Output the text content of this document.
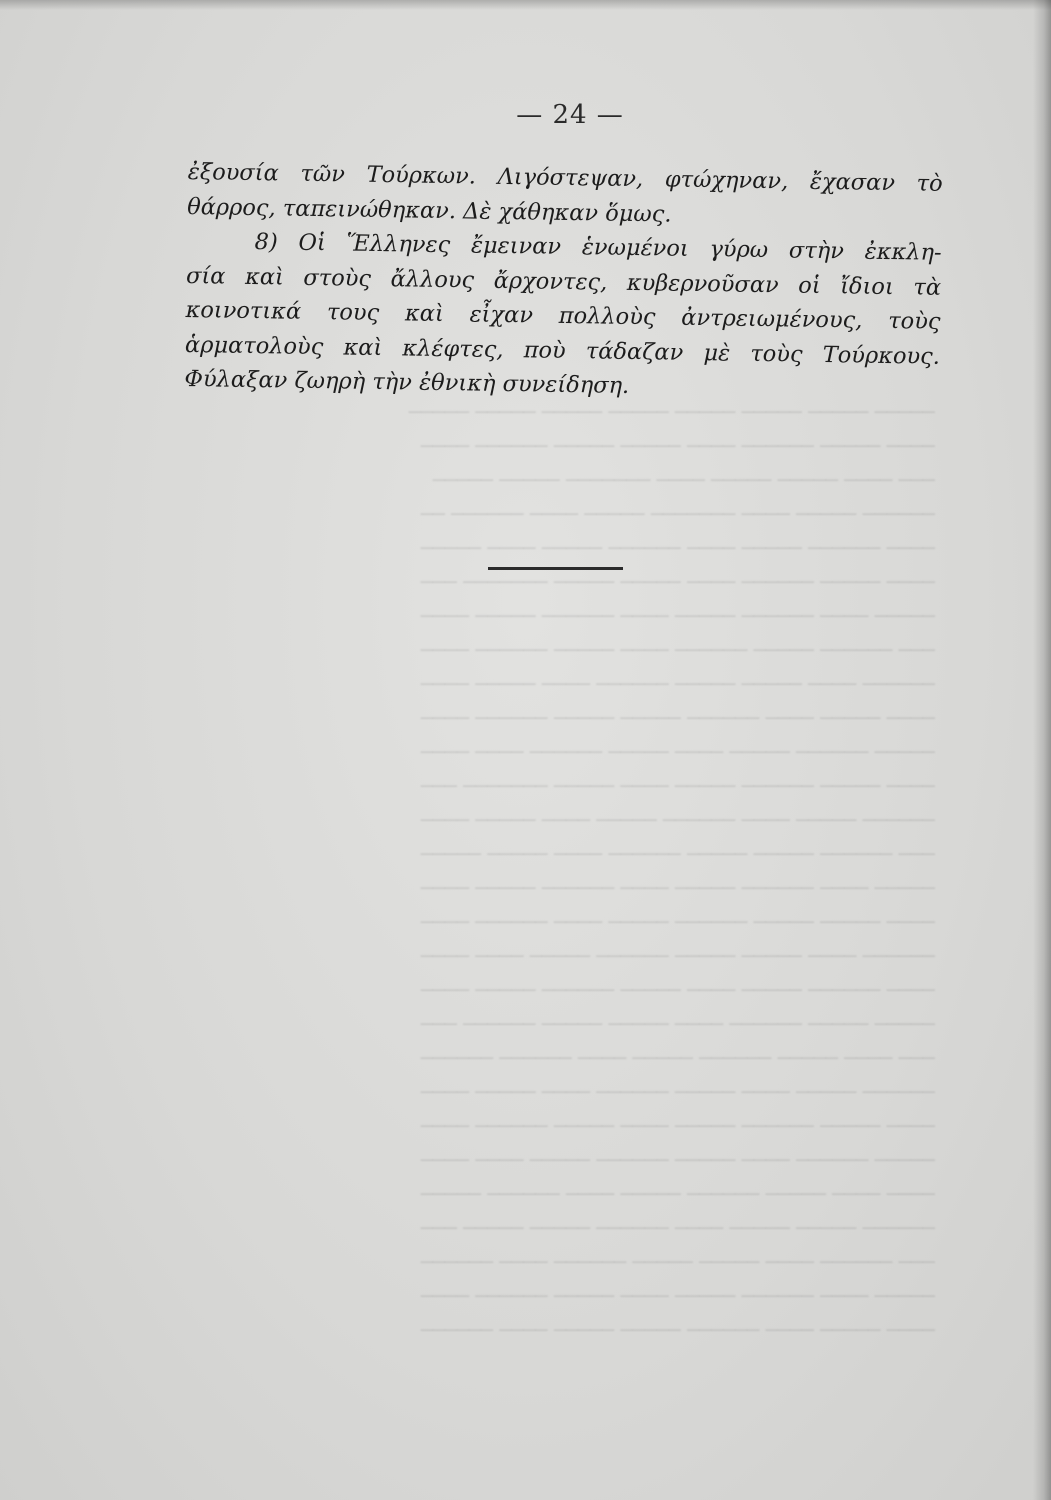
───── ───── ───── ───── ───── ───── ───── ─────
──── ───── ────── ──── ───── ───── ────── ────
─── ──── ───── ───── ──── ─────── ───── ─────
────── ───── ──── ─────── ───── ──── ────── ──
──── ────── ───── ──── ────── ───── ──── ─────
──── ───── ────── ──── ───── ───── ─────── ───
───── ──── ────── ───── ──── ────── ───── ────
─── ────── ───── ────── ──── ───── ────── ────
────── ──── ───── ───── ────── ──── ───── ────
──── ───── ──── ────── ───── ───── ────── ────
───── ────── ───── ──── ───── ────── ──── ────
──── ───── ────── ───── ──── ───── ─────── ───
────── ───── ──── ────── ───── ──── ───── ────
─── ────── ───── ───── ────── ──── ───── ─────
───── ──── ────── ───── ──── ────── ───── ────
──── ───── ───── ────── ───── ──── ────── ────
────── ──── ───── ───── ────── ───── ──── ────
──── ────── ───── ──── ───── ────── ───── ────
───── ───── ────── ──── ───── ───── ────── ───
─── ──── ───── ────── ───── ──── ────── ──────
────── ───── ──── ───── ────── ──── ───── ────
──── ───── ────── ───── ──── ───── ────── ────
───── ────── ──── ───── ────── ───── ──── ────
──── ──── ───── ────── ───── ──── ────── ─────
────── ───── ───── ──── ────── ───── ───── ───
─── ────── ──── ───── ───── ────── ──── ──────
───── ──── ────── ───── ──── ───── ────── ────
──── ───── ──── ────── ───── ───── ──── ──────
— 24 —
ἐξουσία τῶν Τούρκων. Λιγόστεψαν, φτώχηναν, ἔχασαν τὸ
θάρρος, ταπεινώθηκαν. Δὲ χάθηκαν ὅμως.
8) Οἱ Ἕλληνες ἔμειναν ἑνωμένοι γύρω στὴν ἐκκλη-
σία καὶ στοὺς ἄλλους ἄρχοντες, κυβερνοῦσαν οἱ ἴδιοι τὰ
κοινοτικά τους καὶ εἶχαν πολλοὺς ἀντρειωμένους, τοὺς
ἁρματολοὺς καὶ κλέφτες, ποὺ τάδαζαν μὲ τοὺς Τούρκους.
Φύλαξαν ζωηρὴ τὴν ἐθνικὴ συνείδηση.
